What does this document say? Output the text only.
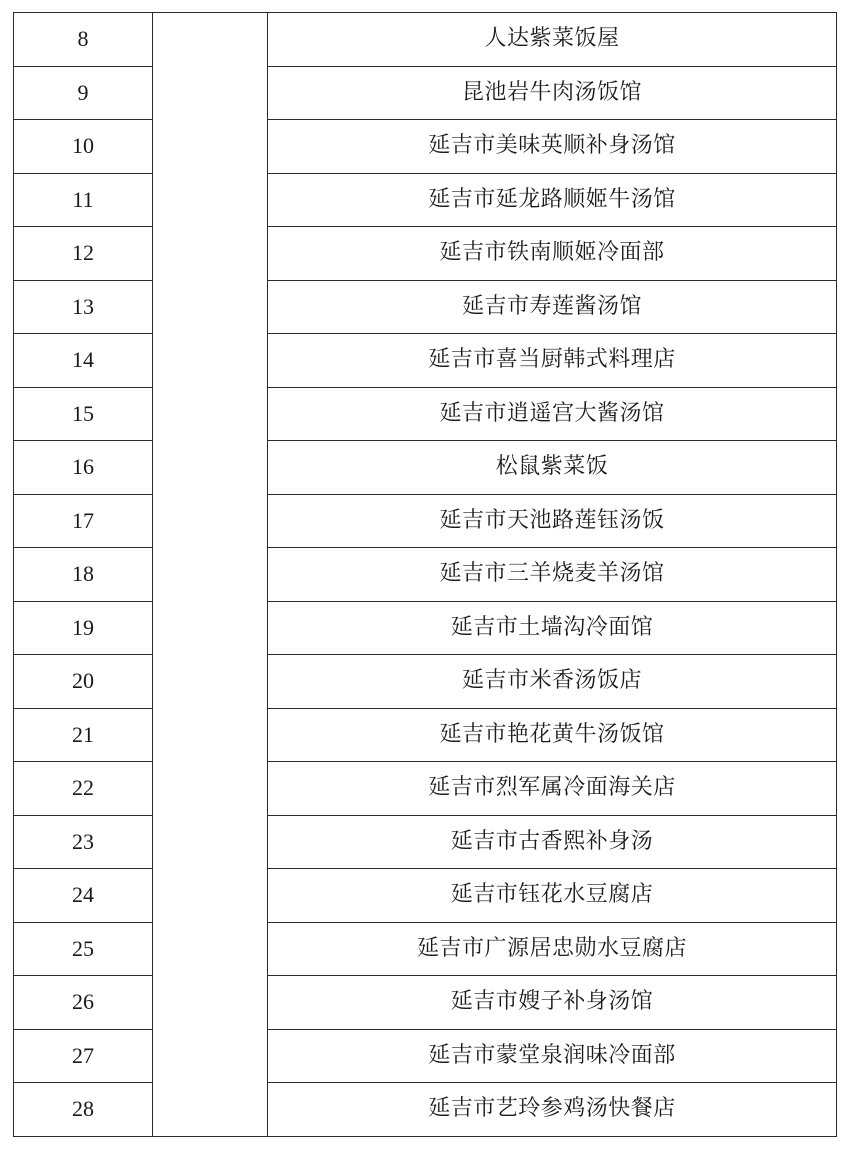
8		人达紫菜饭屋
9		昆池岩牛肉汤饭馆
10		延吉市美味英顺补身汤馆
11		延吉市延龙路顺姬牛汤馆
12		延吉市铁南顺姬冷面部
13		延吉市寿莲酱汤馆
14		延吉市喜当厨韩式料理店
15		延吉市逍遥宫大酱汤馆
16		松鼠紫菜饭
17		延吉市天池路莲钰汤饭
18		延吉市三羊烧麦羊汤馆
19		延吉市土墙沟冷面馆
20		延吉市米香汤饭店
21		延吉市艳花黄牛汤饭馆
22		延吉市烈军属冷面海关店
23		延吉市古香熙补身汤
24		延吉市钰花水豆腐店
25		延吉市广源居忠勋水豆腐店
26		延吉市嫂子补身汤馆
27		延吉市蒙堂泉润味冷面部
28		延吉市艺玲参鸡汤快餐店
